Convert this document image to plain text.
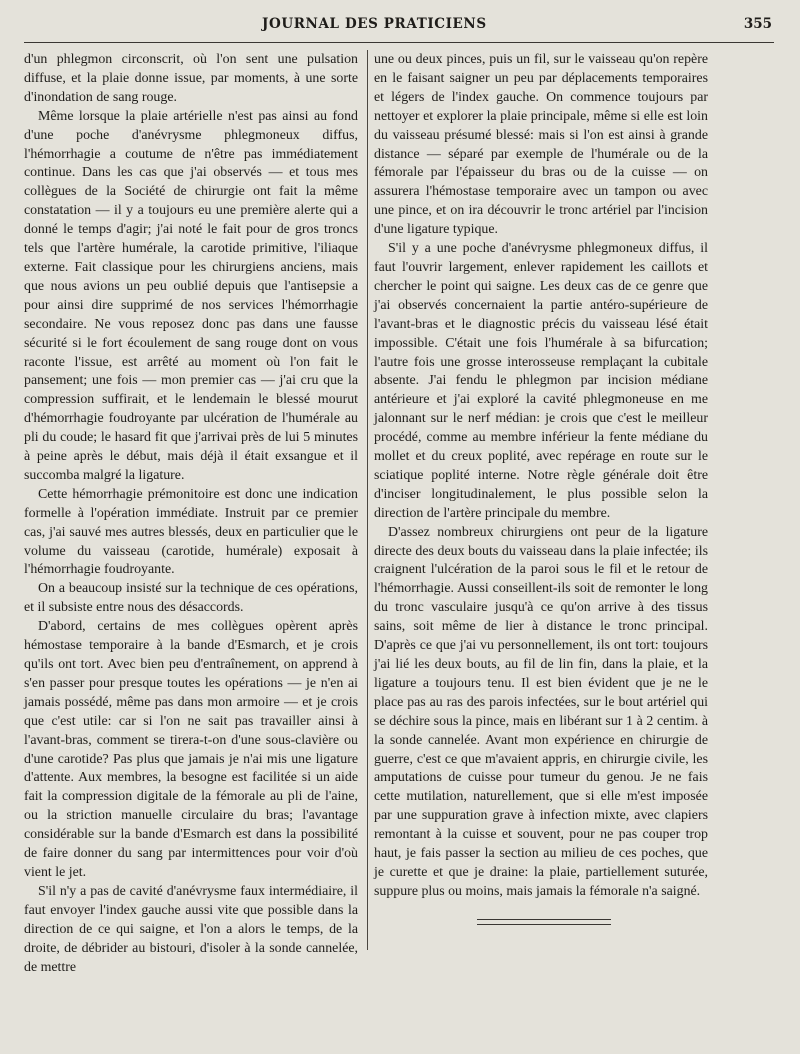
JOURNAL DES PRATICIENS	355

d'un phlegmon circonscrit, où l'on sent une pulsation diffuse, et la plaie donne issue, par moments, à une sorte d'inondation de sang rouge.

Même lorsque la plaie artérielle n'est pas ainsi au fond d'une poche d'anévrysme phlegmoneux diffus, l'hémorrhagie a coutume de n'être pas immédiatement continue. Dans les cas que j'ai observés — et tous mes collègues de la Société de chirurgie ont fait la même constatation — il y a toujours eu une première alerte qui a donné le temps d'agir; j'ai noté le fait pour de gros troncs tels que l'artère humérale, la carotide primitive, l'iliaque externe. Fait classique pour les chirurgiens anciens, mais que nous avions un peu oublié depuis que l'antisepsie a pour ainsi dire supprimé de nos services l'hémorrhagie secondaire. Ne vous reposez donc pas dans une fausse sécurité si le fort écoulement de sang rouge dont on vous raconte l'issue, est arrêté au moment où l'on fait le pansement; une fois — mon premier cas — j'ai cru que la compression suffirait, et le lendemain le blessé mourut d'hémorrhagie foudroyante par ulcération de l'humérale au pli du coude; le hasard fit que j'arrivai près de lui 5 minutes à peine après le début, mais déjà il était exsangue et il succomba malgré la ligature.

Cette hémorrhagie prémonitoire est donc une indication formelle à l'opération immédiate. Instruit par ce premier cas, j'ai sauvé mes autres blessés, deux en particulier que le volume du vaisseau (carotide, humérale) exposait à l'hémorrhagie foudroyante.

On a beaucoup insisté sur la technique de ces opérations, et il subsiste entre nous des désaccords.

D'abord, certains de mes collègues opèrent après hémostase temporaire à la bande d'Esmarch, et je crois qu'ils ont tort. Avec bien peu d'entraînement, on apprend à s'en passer pour presque toutes les opérations — je n'en ai jamais possédé, même pas dans mon armoire — et je crois que c'est utile: car si l'on ne sait pas travailler ainsi à l'avant-bras, comment se tirera-t-on d'une sous-clavière ou d'une carotide? Pas plus que jamais je n'ai mis une ligature d'attente. Aux membres, la besogne est facilitée si un aide fait la compression digitale de la fémorale au pli de l'aine, ou la striction manuelle circulaire du bras; l'avantage considérable sur la bande d'Esmarch est dans la possibilité de faire donner du sang par intermittences pour voir d'où vient le jet.

S'il n'y a pas de cavité d'anévrysme faux intermédiaire, il faut envoyer l'index gauche aussi vite que possible dans la direction de ce qui saigne, et l'on a alors le temps, de la droite, de débrider au bistouri, d'isoler à la sonde cannelée, de mettre

une ou deux pinces, puis un fil, sur le vaisseau qu'on repère en le faisant saigner un peu par déplacements temporaires et légers de l'index gauche. On commence toujours par nettoyer et explorer la plaie principale, même si elle est loin du vaisseau présumé blessé: mais si l'on est ainsi à grande distance — séparé par exemple de l'humérale ou de la fémorale par l'épaisseur du bras ou de la cuisse — on assurera l'hémostase temporaire avec un tampon ou avec une pince, et on ira découvrir le tronc artériel par l'incision d'une ligature typique.

S'il y a une poche d'anévrysme phlegmoneux diffus, il faut l'ouvrir largement, enlever rapidement les caillots et chercher le point qui saigne. Les deux cas de ce genre que j'ai observés concernaient la partie antéro-supérieure de l'avant-bras et le diagnostic précis du vaisseau lésé était impossible. C'était une fois l'humérale à sa bifurcation; l'autre fois une grosse interosseuse remplaçant la cubitale absente. J'ai fendu le phlegmon par incision médiane antérieure et j'ai exploré la cavité phlegmoneuse en me jalonnant sur le nerf médian: je crois que c'est le meilleur procédé, comme au membre inférieur la fente médiane du mollet et du creux poplité, avec repérage en route sur le sciatique poplité interne. Notre règle générale doit être d'inciser longitudinalement, le plus possible selon la direction de l'artère principale du membre.

D'assez nombreux chirurgiens ont peur de la ligature directe des deux bouts du vaisseau dans la plaie infectée; ils craignent l'ulcération de la paroi sous le fil et le retour de l'hémorrhagie. Aussi conseillent-ils soit de remonter le long du tronc vasculaire jusqu'à ce qu'on arrive à des tissus sains, soit même de lier à distance le tronc principal. D'après ce que j'ai vu personnellement, ils ont tort: toujours j'ai lié les deux bouts, au fil de lin fin, dans la plaie, et la ligature a toujours tenu. Il est bien évident que je ne le place pas au ras des parois infectées, sur le bout artériel qui se déchire sous la pince, mais en libérant sur 1 à 2 centim. à la sonde cannelée. Avant mon expérience en chirurgie de guerre, c'est ce que m'avaient appris, en chirurgie civile, les amputations de cuisse pour tumeur du genou. Je ne fais cette mutilation, naturellement, que si elle m'est imposée par une suppuration grave à infection mixte, avec clapiers remontant à la cuisse et souvent, pour ne pas couper trop haut, je fais passer la section au milieu de ces poches, que je curette et que je draine: la plaie, partiellement suturée, suppure plus ou moins, mais jamais la fémorale n'a saigné.
